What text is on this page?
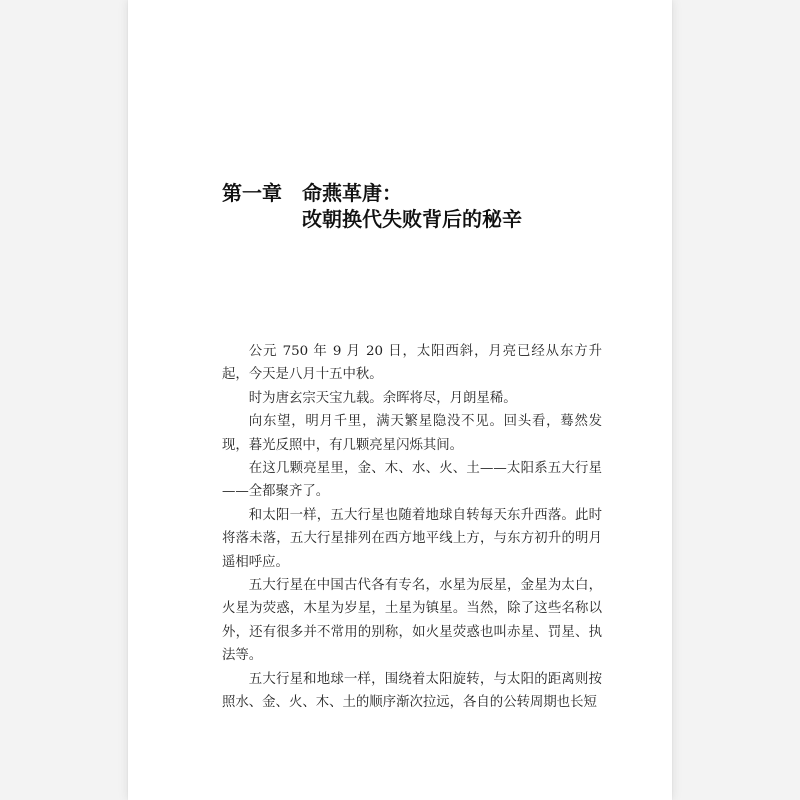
第一章 命燕革唐：
改朝换代失败背后的秘辛

公元 750 年 9 月 20 日，太阳西斜，月亮已经从东方升起，今天是八月十五中秋。

时为唐玄宗天宝九载。余晖将尽，月朗星稀。

向东望，明月千里，满天繁星隐没不见。回头看，蓦然发现，暮光反照中，有几颗亮星闪烁其间。

在这几颗亮星里，金、木、水、火、土——太阳系五大行星——全都聚齐了。

和太阳一样，五大行星也随着地球自转每天东升西落。此时将落未落，五大行星排列在西方地平线上方，与东方初升的明月遥相呼应。

五大行星在中国古代各有专名，水星为辰星，金星为太白，火星为荧惑，木星为岁星，土星为镇星。当然，除了这些名称以外，还有很多并不常用的别称，如火星荧惑也叫赤星、罚星、执法等。

五大行星和地球一样，围绕着太阳旋转，与太阳的距离则按照水、金、火、木、土的顺序渐次拉远，各自的公转周期也长短
